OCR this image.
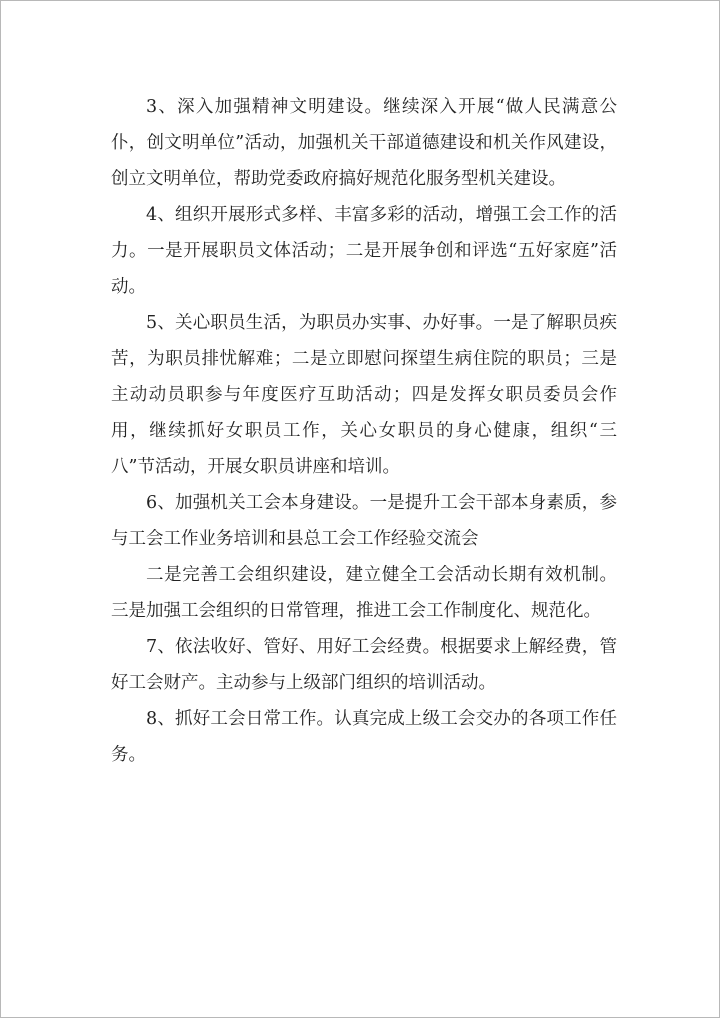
3、深入加强精神文明建设。继续深入开展“做人民满意公仆，创文明单位”活动，加强机关干部道德建设和机关作风建设，创立文明单位，帮助党委政府搞好规范化服务型机关建设。

4、组织开展形式多样、丰富多彩的活动，增强工会工作的活力。一是开展职员文体活动；二是开展争创和评选“五好家庭”活动。

5、关心职员生活，为职员办实事、办好事。一是了解职员疾苦，为职员排忧解难；二是立即慰问探望生病住院的职员；三是主动动员职参与年度医疗互助活动；四是发挥女职员委员会作用，继续抓好女职员工作，关心女职员的身心健康，组织“三八”节活动，开展女职员讲座和培训。

6、加强机关工会本身建设。一是提升工会干部本身素质，参与工会工作业务培训和县总工会工作经验交流会

二是完善工会组织建设，建立健全工会活动长期有效机制。三是加强工会组织的日常管理，推进工会工作制度化、规范化。

7、依法收好、管好、用好工会经费。根据要求上解经费，管好工会财产。主动参与上级部门组织的培训活动。

8、抓好工会日常工作。认真完成上级工会交办的各项工作任务。
